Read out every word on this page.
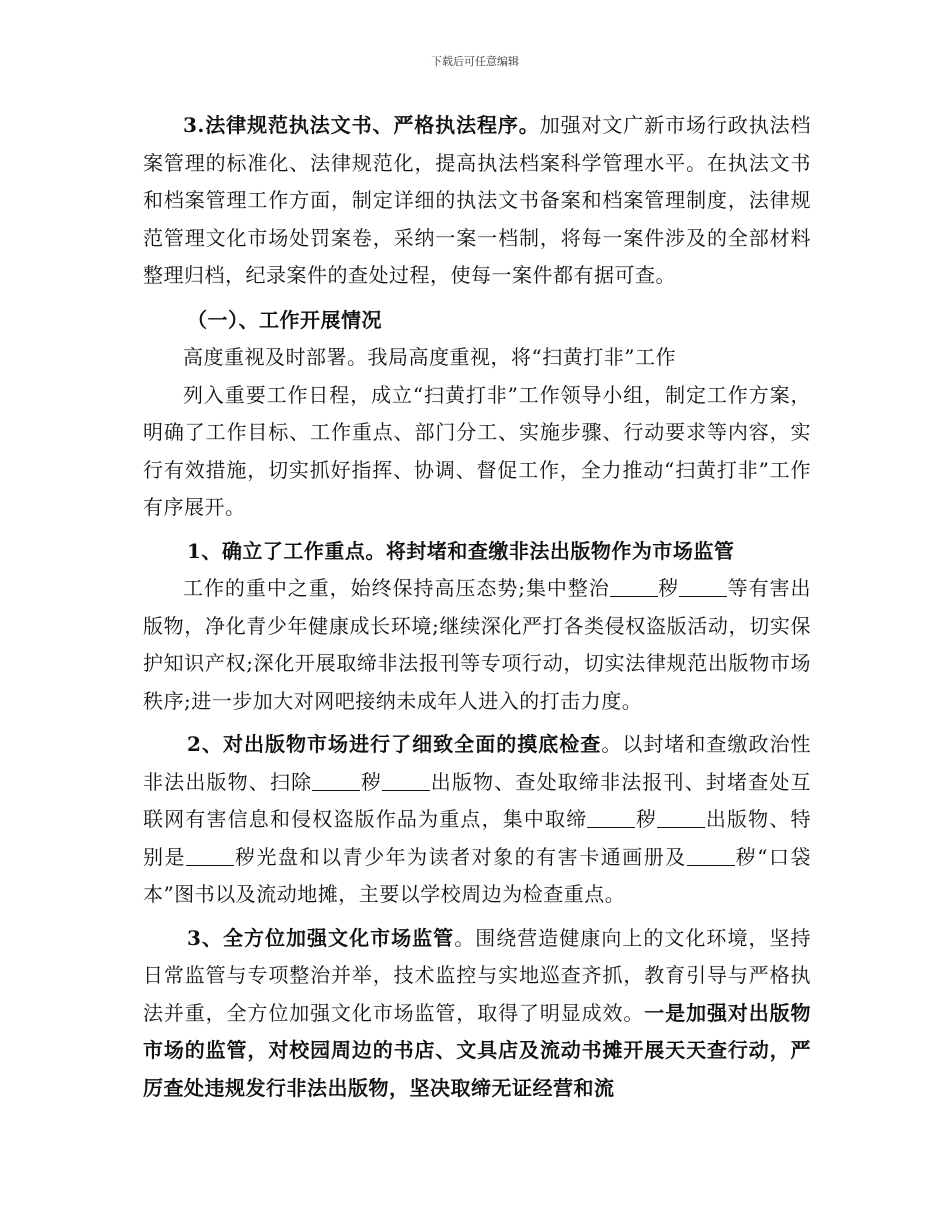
下载后可任意编辑

3.法律规范执法文书、严格执法程序。加强对文广新市场行政执法档案管理的标准化、法律规范化，提高执法档案科学管理水平。在执法文书和档案管理工作方面，制定详细的执法文书备案和档案管理制度，法律规范管理文化市场处罚案卷，采纳一案一档制，将每一案件涉及的全部材料整理归档，纪录案件的查处过程，使每一案件都有据可查。

（一）、工作开展情况

高度重视及时部署。我局高度重视，将“扫黄打非”工作

列入重要工作日程，成立“扫黄打非”工作领导小组，制定工作方案，明确了工作目标、工作重点、部门分工、实施步骤、行动要求等内容，实行有效措施，切实抓好指挥、协调、督促工作，全力推动“扫黄打非”工作有序展开。

1、确立了工作重点。将封堵和查缴非法出版物作为市场监管

工作的重中之重，始终保持高压态势;集中整治 秽 等有害出版物，净化青少年健康成长环境;继续深化严打各类侵权盗版活动，切实保护知识产权;深化开展取缔非法报刊等专项行动，切实法律规范出版物市场秩序;进一步加大对网吧接纳未成年人进入的打击力度。

2、对出版物市场进行了细致全面的摸底检查。以封堵和查缴政治性非法出版物、扫除 秽 出版物、查处取缔非法报刊、封堵查处互联网有害信息和侵权盗版作品为重点，集中取缔 秽 出版物、特别是 秽光盘和以青少年为读者对象的有害卡通画册及 秽“口袋本”图书以及流动地摊，主要以学校周边为检查重点。

3、全方位加强文化市场监管。围绕营造健康向上的文化环境，坚持日常监管与专项整治并举，技术监控与实地巡查齐抓，教育引导与严格执法并重，全方位加强文化市场监管，取得了明显成效。一是加强对出版物市场的监管，对校园周边的书店、文具店及流动书摊开展天天查行动，严厉查处违规发行非法出版物，坚决取缔无证经营和流
